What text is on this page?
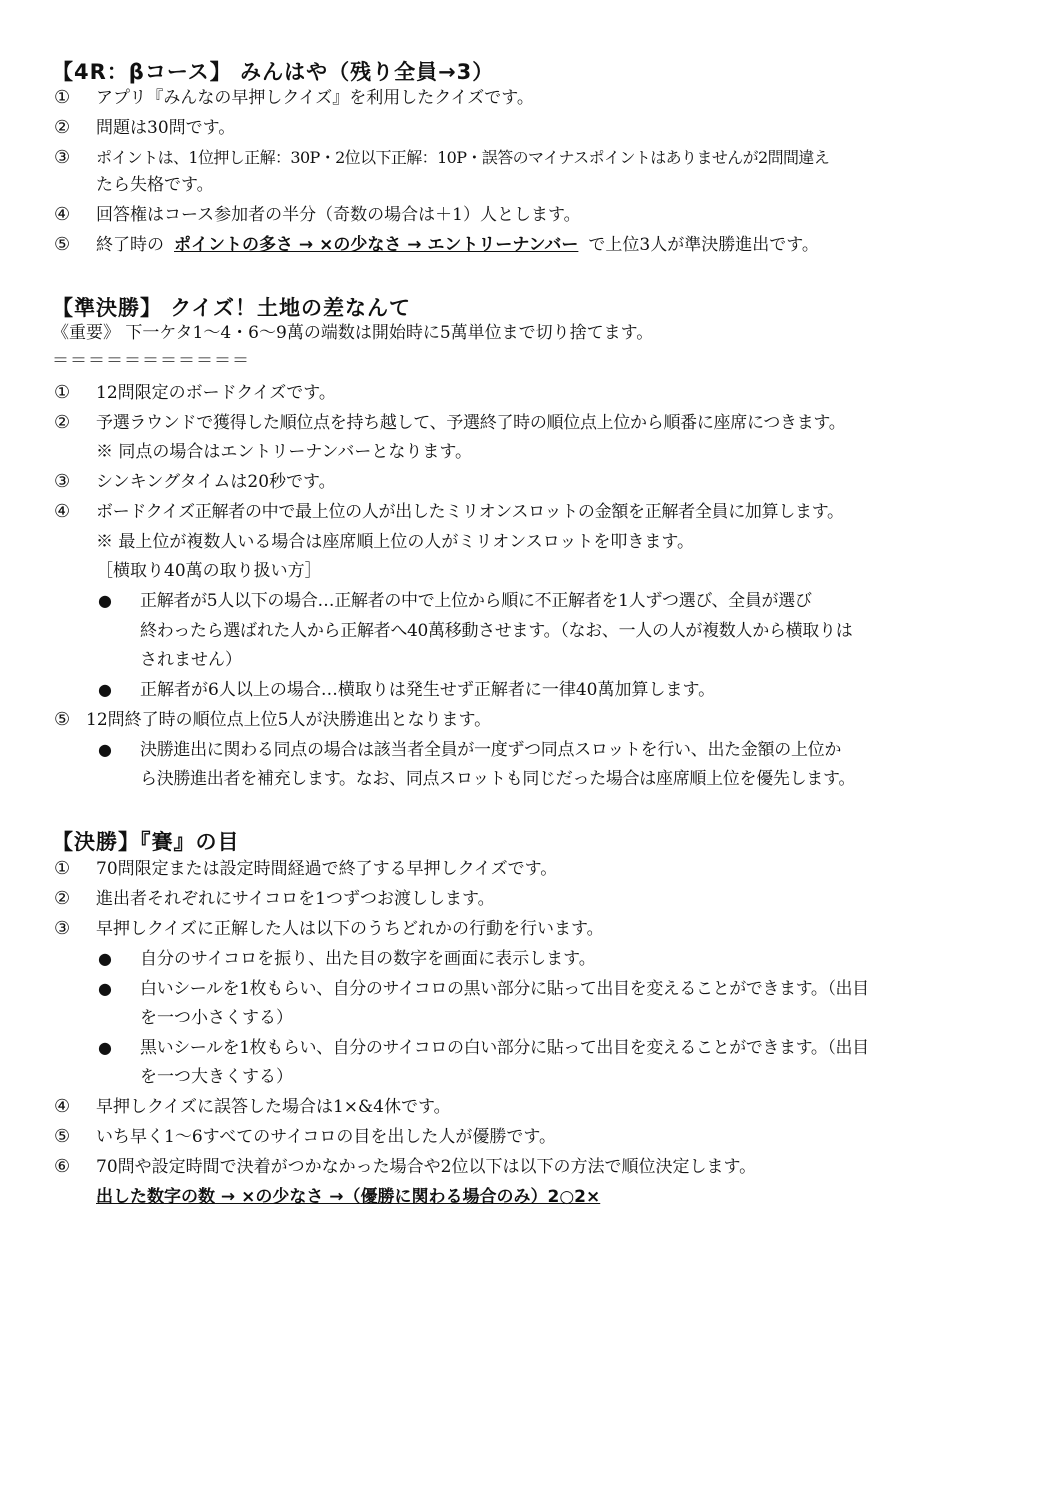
【4R：βコース】 みんはや（残り全員→3）
① アプリ『みんなの早押しクイズ』を利用したクイズです。
② 問題は30問です。
③ ポイントは、1位押し正解：30P・2位以下正解：10P・誤答のマイナスポイントはありませんが2問間違え
たら失格です。
④ 回答権はコース参加者の半分（奇数の場合は＋1）人とします。
⑤ 終了時の ポイントの多さ → ×の少なさ → エントリーナンバー で上位3人が準決勝進出です。
【準決勝】 クイズ！土地の差なんて
《重要》 下一ケタ1～4・6～9萬の端数は開始時に5萬単位まで切り捨てます。
＝＝＝＝＝＝＝＝＝＝＝
① 12問限定のボードクイズです。
② 予選ラウンドで獲得した順位点を持ち越して、予選終了時の順位点上位から順番に座席につきます。
※ 同点の場合はエントリーナンバーとなります。
③ シンキングタイムは20秒です。
④ ボードクイズ正解者の中で最上位の人が出したミリオンスロットの金額を正解者全員に加算します。
※ 最上位が複数人いる場合は座席順上位の人がミリオンスロットを叩きます。
［横取り40萬の取り扱い方］
● 正解者が5人以下の場合…正解者の中で上位から順に不正解者を1人ずつ選び、全員が選び
終わったら選ばれた人から正解者へ40萬移動させます。（なお、一人の人が複数人から横取りは
されません）
● 正解者が6人以上の場合…横取りは発生せず正解者に一律40萬加算します。
⑤ 12問終了時の順位点上位5人が決勝進出となります。
● 決勝進出に関わる同点の場合は該当者全員が一度ずつ同点スロットを行い、出た金額の上位か
ら決勝進出者を補充します。なお、同点スロットも同じだった場合は座席順上位を優先します。
【決勝】『賽』の目
① 70問限定または設定時間経過で終了する早押しクイズです。
② 進出者それぞれにサイコロを1つずつお渡しします。
③ 早押しクイズに正解した人は以下のうちどれかの行動を行います。
● 自分のサイコロを振り、出た目の数字を画面に表示します。
● 白いシールを1枚もらい、自分のサイコロの黒い部分に貼って出目を変えることができます。（出目
を一つ小さくする）
● 黒いシールを1枚もらい、自分のサイコロの白い部分に貼って出目を変えることができます。（出目
を一つ大きくする）
④ 早押しクイズに誤答した場合は1×&4休です。
⑤ いち早く1～6すべてのサイコロの目を出した人が優勝です。
⑥ 70問や設定時間で決着がつかなかった場合や2位以下は以下の方法で順位決定します。
出した数字の数 → ×の少なさ →（優勝に関わる場合のみ）2○2×
